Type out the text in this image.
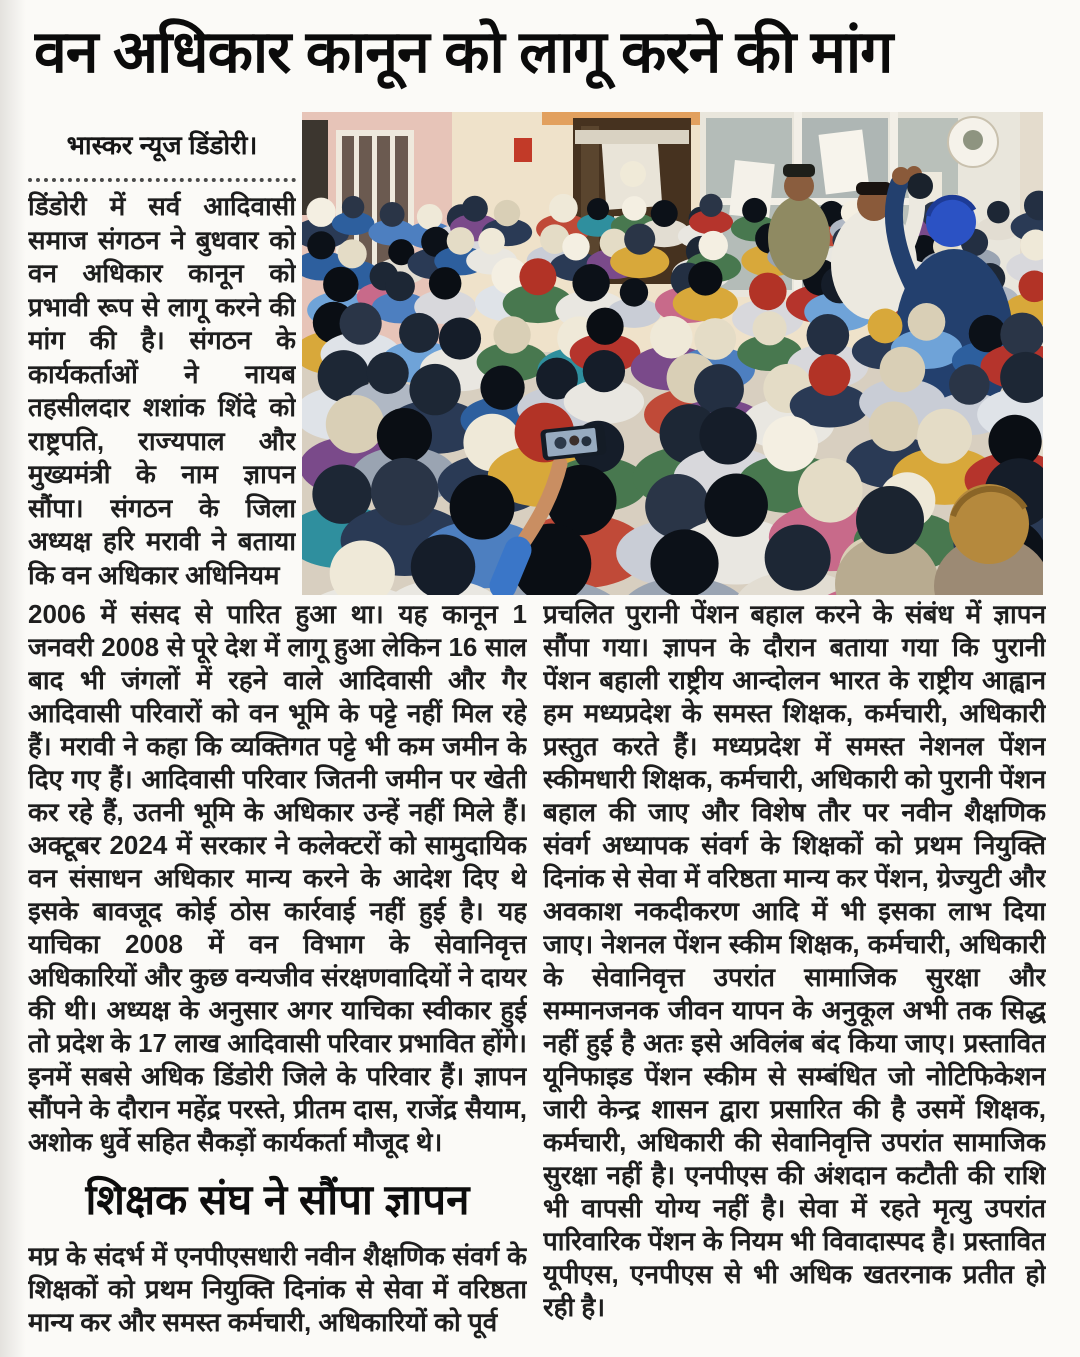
वन अधिकार कानून को लागू करने की मांग
भास्कर न्यूज डिंडोरी।

डिंडोरी में सर्व आदिवासी समाज संगठन ने बुधवार को वन अधिकार कानून को प्रभावी रूप से लागू करने की मांग की है। संगठन के कार्यकर्ताओं ने नायब तहसीलदार शशांक शिंदे को राष्ट्रपति, राज्यपाल और मुख्यमंत्री के नाम ज्ञापन सौंपा। संगठन के जिला अध्यक्ष हरि मरावी ने बताया कि वन अधिकार अधिनियम

2006 में संसद से पारित हुआ था। यह कानून 1 जनवरी 2008 से पूरे देश में लागू हुआ लेकिन 16 साल बाद भी जंगलों में रहने वाले आदिवासी और गैर आदिवासी परिवारों को वन भूमि के पट्टे नहीं मिल रहे हैं। मरावी ने कहा कि व्यक्तिगत पट्टे भी कम जमीन के दिए गए हैं। आदिवासी परिवार जितनी जमीन पर खेती कर रहे हैं, उतनी भूमि के अधिकार उन्हें नहीं मिले हैं। अक्टूबर 2024 में सरकार ने कलेक्टरों को सामुदायिक वन संसाधन अधिकार मान्य करने के आदेश दिए थे इसके बावजूद कोई ठोस कार्रवाई नहीं हुई है। यह याचिका 2008 में वन विभाग के सेवानिवृत्त अधिकारियों और कुछ वन्यजीव संरक्षणवादियों ने दायर की थी। अध्यक्ष के अनुसार अगर याचिका स्वीकार हुई तो प्रदेश के 17 लाख आदिवासी परिवार प्रभावित होंगे। इनमें सबसे अधिक डिंडोरी जिले के परिवार हैं। ज्ञापन सौंपने के दौरान महेंद्र परस्ते, प्रीतम दास, राजेंद्र सैयाम, अशोक धुर्वे सहित सैकड़ों कार्यकर्ता मौजूद थे।

शिक्षक संघ ने सौंपा ज्ञापन

मप्र के संदर्भ में एनपीएसधारी नवीन शैक्षणिक संवर्ग के शिक्षकों को प्रथम नियुक्ति दिनांक से सेवा में वरिष्ठता मान्य कर और समस्त कर्मचारी, अधिकारियों को पूर्व

प्रचलित पुरानी पेंशन बहाल करने के संबंध में ज्ञापन सौंपा गया। ज्ञापन के दौरान बताया गया कि पुरानी पेंशन बहाली राष्ट्रीय आन्दोलन भारत के राष्ट्रीय आह्वान हम मध्यप्रदेश के समस्त शिक्षक, कर्मचारी, अधिकारी प्रस्तुत करते हैं। मध्यप्रदेश में समस्त नेशनल पेंशन स्कीमधारी शिक्षक, कर्मचारी, अधिकारी को पुरानी पेंशन बहाल की जाए और विशेष तौर पर नवीन शैक्षणिक संवर्ग अध्यापक संवर्ग के शिक्षकों को प्रथम नियुक्ति दिनांक से सेवा में वरिष्ठता मान्य कर पेंशन, ग्रेज्युटी और अवकाश नकदीकरण आदि में भी इसका लाभ दिया जाए। नेशनल पेंशन स्कीम शिक्षक, कर्मचारी, अधिकारी के सेवानिवृत्त उपरांत सामाजिक सुरक्षा और सम्मानजनक जीवन यापन के अनुकूल अभी तक सिद्ध नहीं हुई है अतः इसे अविलंब बंद किया जाए। प्रस्तावित यूनिफाइड पेंशन स्कीम से सम्बंधित जो नोटिफिकेशन जारी केन्द्र शासन द्वारा प्रसारित की है उसमें शिक्षक, कर्मचारी, अधिकारी की सेवानिवृत्ति उपरांत सामाजिक सुरक्षा नहीं है। एनपीएस की अंशदान कटौती की राशि भी वापसी योग्य नहीं है। सेवा में रहते मृत्यु उपरांत पारिवारिक पेंशन के नियम भी विवादास्पद है। प्रस्तावित यूपीएस, एनपीएस से भी अधिक खतरनाक प्रतीत हो रही है।
